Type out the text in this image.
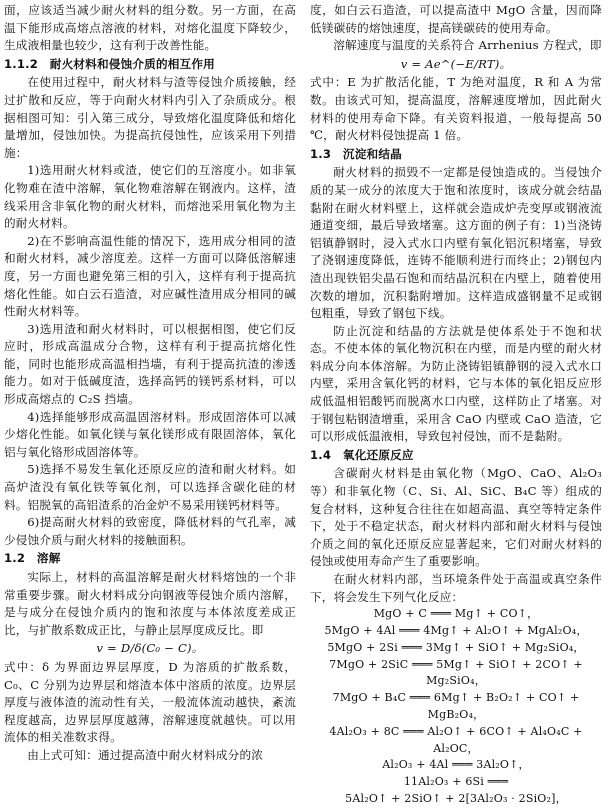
面，应该适当减少耐火材料的组分数。另一方面，在高温下能形成高熔点溶液的材料，对熔化温度下降较少，生成液相量也较少，这有利于改善性能。

1.1.2　耐火材料和侵蚀介质的相互作用

在使用过程中，耐火材料与渣等侵蚀介质接触，经过扩散和反应，等于向耐火材料内引入了杂质成分。根据相图可知：引入第三成分，导致熔化温度降低和熔化量增加，侵蚀加快。为提高抗侵蚀性，应该采用下列措施：

1)选用耐火材料或渣，使它们的互溶度小。如非氧化物难在渣中溶解，氧化物难溶解在钢液内。这样，渣线采用含非氧化物的耐火材料，而熔池采用氧化物为主的耐火材料。

2)在不影响高温性能的情况下，选用成分相同的渣和耐火材料，减少溶度差。这样一方面可以降低溶解速度，另一方面也避免第三相的引入，这样有利于提高抗熔化性能。如白云石造渣，对应碱性渣用成分相同的碱性耐火材料等。

3)选用渣和耐火材料时，可以根据相图，使它们反应时，形成高温成分合物，这样有利于提高抗熔化性能，同时也能形成高温相挡墙，有利于提高抗渣的渗透能力。如对于低碱度渣，选择高钙的镁钙系材料，可以形成高熔点的 C₂S 挡墙。

4)选择能够形成高温固溶材料。形成固溶体可以减少熔化性能。如氧化镁与氧化镁形成有限固溶体，氧化铝与氧化铬形成固溶体等。

5)选择不易发生氧化还原反应的渣和耐火材料。如高炉渣没有氧化铁等氧化剂，可以选择含碳化硅的材料。铝脱氧的高铝渣系的冶金炉不易采用镁钙材料等。

6)提高耐火材料的致密度，降低材料的气孔率，减少侵蚀介质与耐火材料的接触面积。

1.2　溶解

实际上，材料的高温溶解是耐火材料熔蚀的一个非常重要步骤。耐火材料成分向钢液等侵蚀介质内溶解，是与成分在侵蚀介质内的饱和浓度与本体浓度差成正比，与扩散系数成正比，与静止层厚度成反比。即

v = D/δ(C₀ − C)。

式中：δ 为界面边界层厚度，D 为溶质的扩散系数，C₀、C 分别为边界层和熔渣本体中溶质的浓度。边界层厚度与液体渣的流动性有关，一般流体流动越快，紊流程度越高，边界层厚度越薄，溶解速度就越快。可以用流体的相关准数求得。

由上式可知：通过提高渣中耐火材料成分的浓

度，如白云石造渣，可以提高渣中 MgO 含量，因而降低镁碳砖的熔蚀速度，提高镁碳砖的使用寿命。

溶解速度与温度的关系符合 Arrhenius 方程式，即

v = Ae^(−E/RT)。

式中：E 为扩散活化能，T 为绝对温度，R 和 A 为常数。由该式可知，提高温度，溶解速度增加，因此耐火材料的使用寿命下降。有关资料报道，一般每提高 50 ℃，耐火材料侵蚀提高 1 倍。

1.3　沉淀和结晶

耐火材料的损毁不一定都是侵蚀造成的。当侵蚀介质的某一成分的浓度大于饱和浓度时，该成分就会结晶黏附在耐火材料壁上，这样就会造成炉壳变厚或钢液流通道变细，最后导致堵塞。这方面的例子有：1)当浇铸铝镇静钢时，浸入式水口内壁有氧化铝沉积堵塞，导致了浇钢速度降低，连铸不能顺利进行而终止；2)钢包内渣出现铁铝尖晶石饱和而结晶沉积在内壁上，随着使用次数的增加，沉积黏附增加。这样造成盛钢量不足或钢包粗重，导致了钢包下线。

防止沉淀和结晶的方法就是使体系处于不饱和状态。不使本体的氧化物沉积在内壁，而是内壁的耐火材料成分向本体溶解。为防止浇铸铝镇静钢的浸入式水口内壁，采用含氧化钙的材料，它与本体的氧化铝反应形成低温相铝酸钙而脱离水口内壁，这样防止了堵塞。对于钢包粘钢渣增重，采用含 CaO 内壁或 CaO 造渣，它可以形成低温液相，导致包衬侵蚀，而不是黏附。

1.4　氧化还原反应

含碳耐火材料是由氧化物（MgO、CaO、Al₂O₃ 等）和非氧化物（C、Si、Al、SiC、B₄C 等）组成的复合材料，这种复合往往在如超高温、真空等特定条件下，处于不稳定状态，耐火材料内部和耐火材料与侵蚀介质之间的氧化还原反应显著起来，它们对耐火材料的侵蚀或使用寿命产生了重要影响。

在耐火材料内部，当环境条件处于高温或真空条件下，将会发生下列气化反应：

MgO + C ═══ Mg↑ + CO↑，
5MgO + 4Al ═══ 4Mg↑ + Al₂O↑ + MgAl₂O₄，
5MgO + 2Si ═══ 3Mg↑ + SiO↑ + Mg₂SiO₄，
7MgO + 2SiC ═══ 5Mg↑ + SiO↑ + 2CO↑ + Mg₂SiO₄，
7MgO + B₄C ═══ 6Mg↑ + B₂O₂↑ + CO↑ + MgB₂O₄，
4Al₂O₃ + 8C ═══ Al₂O↑ + 6CO↑ + Al₄O₄C + Al₂OC，
Al₂O₃ + 4Al ═══ 3Al₂O↑，
11Al₂O₃ + 6Si ═══
5Al₂O↑ + 2SiO↑ + 2[3Al₂O₃ · 2SiO₂]，
